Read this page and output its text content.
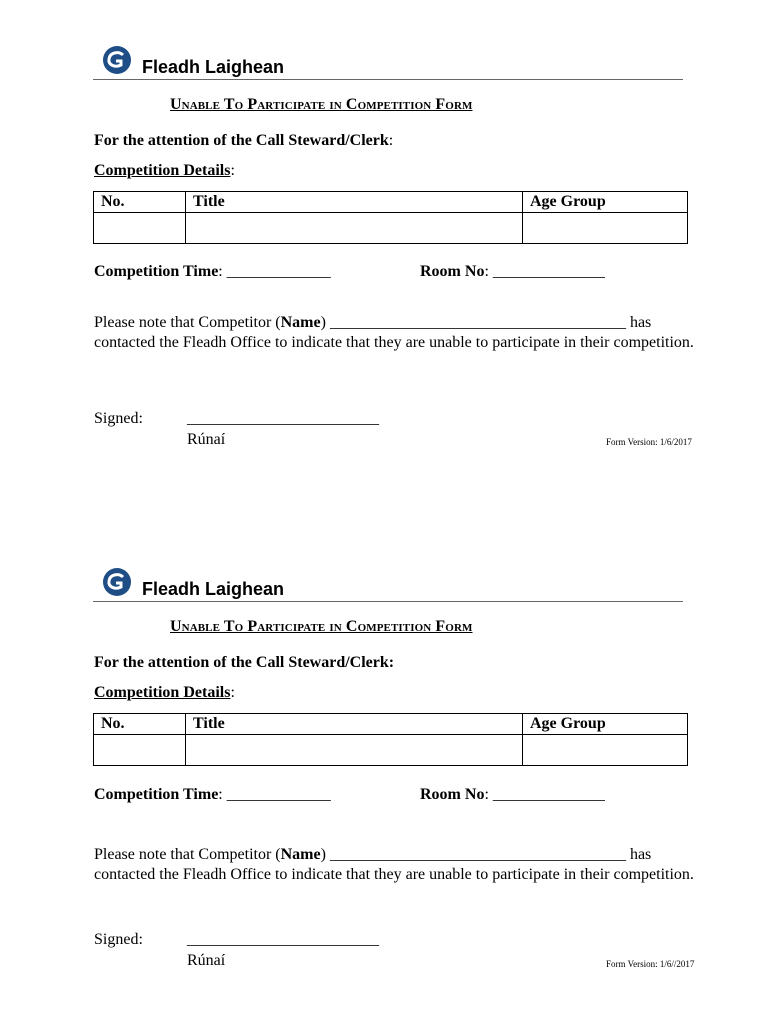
Fleadh Laighean
Unable To Participate in Competition Form
For the attention of the Call Steward/Clerk:
Competition Details:
No.	Title	Age Group

Competition Time: _____________	Room No: ______________
Please note that Competitor (Name) _____________________________________ has contacted the Fleadh Office to indicate that they are unable to participate in their competition.
Signed:	________________________
Rúnaí	Form Version: 1/6/2017
Fleadh Laighean
Unable To Participate in Competition Form
For the attention of the Call Steward/Clerk:
Competition Details:
No.	Title	Age Group

Competition Time: _____________	Room No: ______________
Please note that Competitor (Name) _____________________________________ has contacted the Fleadh Office to indicate that they are unable to participate in their competition.
Signed:	________________________
Rúnaí	Form Version: 1/6//2017
